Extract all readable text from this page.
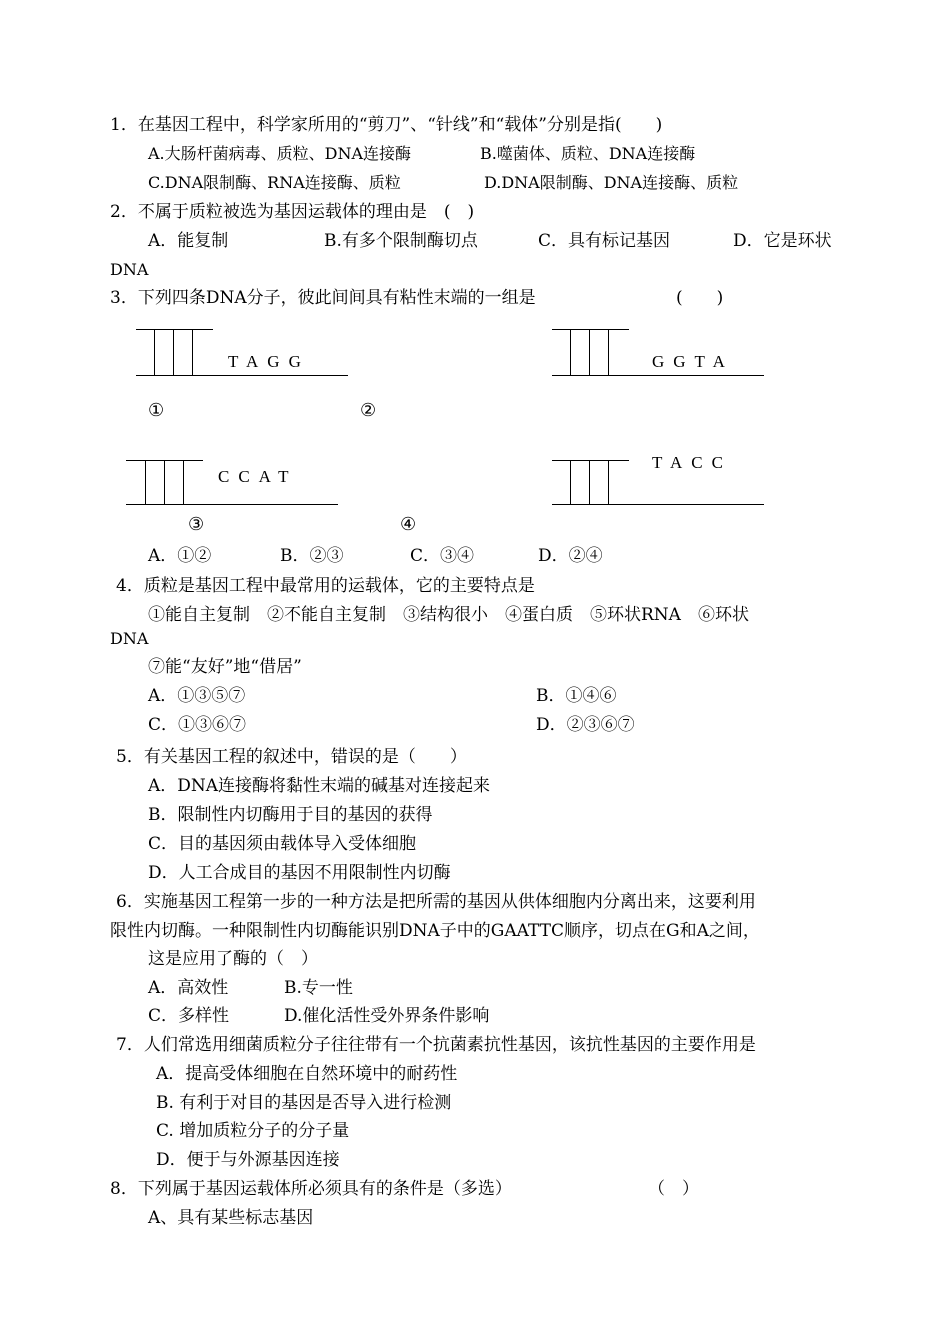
1．在基因工程中，科学家所用的“剪刀”、“针线”和“载体”分别是指(　　)
A.大肠杆菌病毒、质粒、DNA连接酶	B.噬菌体、质粒、DNA连接酶
C.DNA限制酶、RNA连接酶、质粒	D.DNA限制酶、DNA连接酶、质粒
2．不属于质粒被选为基因运载体的理由是　(　)
A．能复制	B.有多个限制酶切点	C．具有标记基因	D．它是环状
DNA
3．下列四条DNA分子，彼此间间具有粘性末端的一组是	(　　)
TAGG	GGTA
①	②
CCAT
TACC
③	④
A．①②	B．②③	C．③④	D．②④
4．质粒是基因工程中最常用的运载体，它的主要特点是
①能自主复制　②不能自主复制　③结构很小　④蛋白质　⑤环状RNA　⑥环状
DNA
⑦能“友好”地“借居”
A．①③⑤⑦	B．①④⑥
C．①③⑥⑦	D．②③⑥⑦
5．有关基因工程的叙述中，错误的是（　　）
A．DNA连接酶将黏性末端的碱基对连接起来
B．限制性内切酶用于目的基因的获得
C．目的基因须由载体导入受体细胞
D．人工合成目的基因不用限制性内切酶
6．实施基因工程第一步的一种方法是把所需的基因从供体细胞内分离出来，这要利用
限性内切酶。一种限制性内切酶能识别DNA子中的GAATTC顺序，切点在G和A之间，
这是应用了酶的（　）
A．高效性	B.专一性
C．多样性	D.催化活性受外界条件影响
7．人们常选用细菌质粒分子往往带有一个抗菌素抗性基因，该抗性基因的主要作用是
A．提高受体细胞在自然环境中的耐药性
B. 有利于对目的基因是否导入进行检测
C. 增加质粒分子的分子量
D．便于与外源基因连接
8．下列属于基因运载体所必须具有的条件是（多选）	（　）
A、具有某些标志基因
